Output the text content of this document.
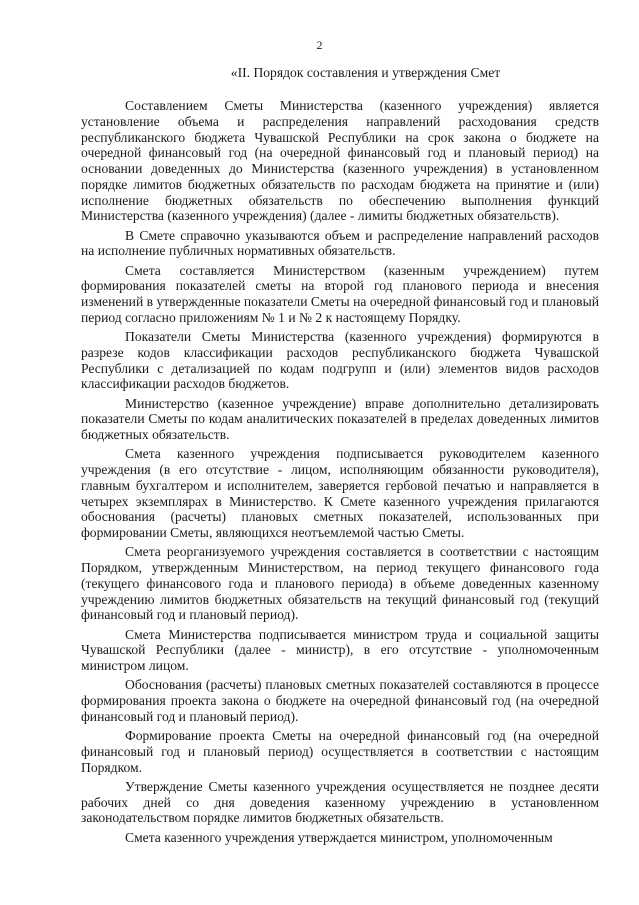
2
«II. Порядок составления и утверждения Смет

Составлением Сметы Министерства (казенного учреждения) является установление объема и распределения направлений расходования средств республиканского бюджета Чувашской Республики на срок закона о бюджете на очередной финансовый год (на очередной финансовый год и плановый период) на основании доведенных до Министерства (казенного учреждения) в установленном порядке лимитов бюджетных обязательств по расходам бюджета на принятие и (или) исполнение бюджетных обязательств по обеспечению выполнения функций Министерства (казенного учреждения) (далее - лимиты бюджетных обязательств).

В Смете справочно указываются объем и распределение направлений расходов на исполнение публичных нормативных обязательств.

Смета составляется Министерством (казенным учреждением) путем формирования показателей сметы на второй год планового периода и внесения изменений в утвержденные показатели Сметы на очередной финансовый год и плановый период согласно приложениям № 1 и № 2 к настоящему Порядку.

Показатели Сметы Министерства (казенного учреждения) формируются в разрезе кодов классификации расходов республиканского бюджета Чувашской Республики с детализацией по кодам подгрупп и (или) элементов видов расходов классификации расходов бюджетов.

Министерство (казенное учреждение) вправе дополнительно детализировать показатели Сметы по кодам аналитических показателей в пределах доведенных лимитов бюджетных обязательств.

Смета казенного учреждения подписывается руководителем казенного учреждения (в его отсутствие - лицом, исполняющим обязанности руководителя), главным бухгалтером и исполнителем, заверяется гербовой печатью и направляется в четырех экземплярах в Министерство. К Смете казенного учреждения прилагаются обоснования (расчеты) плановых сметных показателей, использованных при формировании Сметы, являющихся неотъемлемой частью Сметы.

Смета реорганизуемого учреждения составляется в соответствии с настоящим Порядком, утвержденным Министерством, на период текущего финансового года (текущего финансового года и планового периода) в объеме доведенных казенному учреждению лимитов бюджетных обязательств на текущий финансовый год (текущий финансовый год и плановый период).

Смета Министерства подписывается министром труда и социальной защиты Чувашской Республики (далее - министр), в его отсутствие - уполномоченным министром лицом.

Обоснования (расчеты) плановых сметных показателей составляются в процессе формирования проекта закона о бюджете на очередной финансовый год (на очередной финансовый год и плановый период).

Формирование проекта Сметы на очередной финансовый год (на очередной финансовый год и плановый период) осуществляется в соответствии с настоящим Порядком.

Утверждение Сметы казенного учреждения осуществляется не позднее десяти рабочих дней со дня доведения казенному учреждению в установленном законодательством порядке лимитов бюджетных обязательств.

Смета казенного учреждения утверждается министром, уполномоченным
